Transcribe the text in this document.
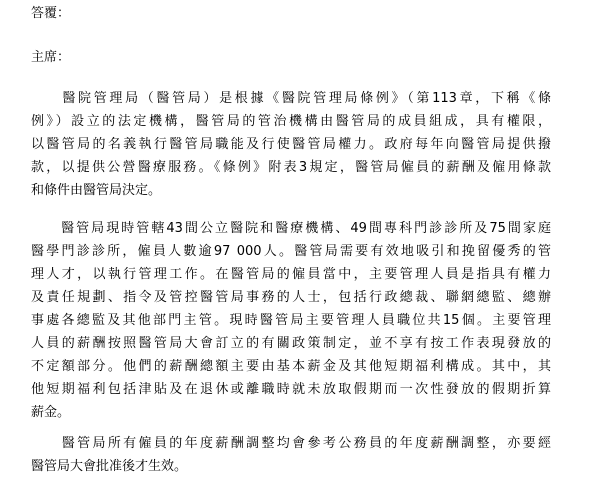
答覆：

主席：

　　醫院管理局（醫管局）是根據《醫院管理局條例》（第113章，下稱《條
例》）設立的法定機構，醫管局的管治機構由醫管局的成員組成，具有權限，
以醫管局的名義執行醫管局職能及行使醫管局權力。政府每年向醫管局提供撥
款，以提供公營醫療服務。《條例》附表3規定，醫管局僱員的薪酬及僱用條款
和條件由醫管局決定。
　　醫管局現時管轄43間公立醫院和醫療機構、49間專科門診診所及75間家庭
醫學門診診所，僱員人數逾97 000人。醫管局需要有效地吸引和挽留優秀的管
理人才，以執行管理工作。在醫管局的僱員當中，主要管理人員是指具有權力
及責任規劃、指令及管控醫管局事務的人士，包括行政總裁、聯網總監、總辦
事處各總監及其他部門主管。現時醫管局主要管理人員職位共15個。主要管理
人員的薪酬按照醫管局大會訂立的有關政策制定，並不享有按工作表現發放的
不定額部分。他們的薪酬總額主要由基本薪金及其他短期福利構成。其中，其
他短期福利包括津貼及在退休或離職時就未放取假期而一次性發放的假期折算
薪金。
　　醫管局所有僱員的年度薪酬調整均會參考公務員的年度薪酬調整，亦要經
醫管局大會批准後才生效。
